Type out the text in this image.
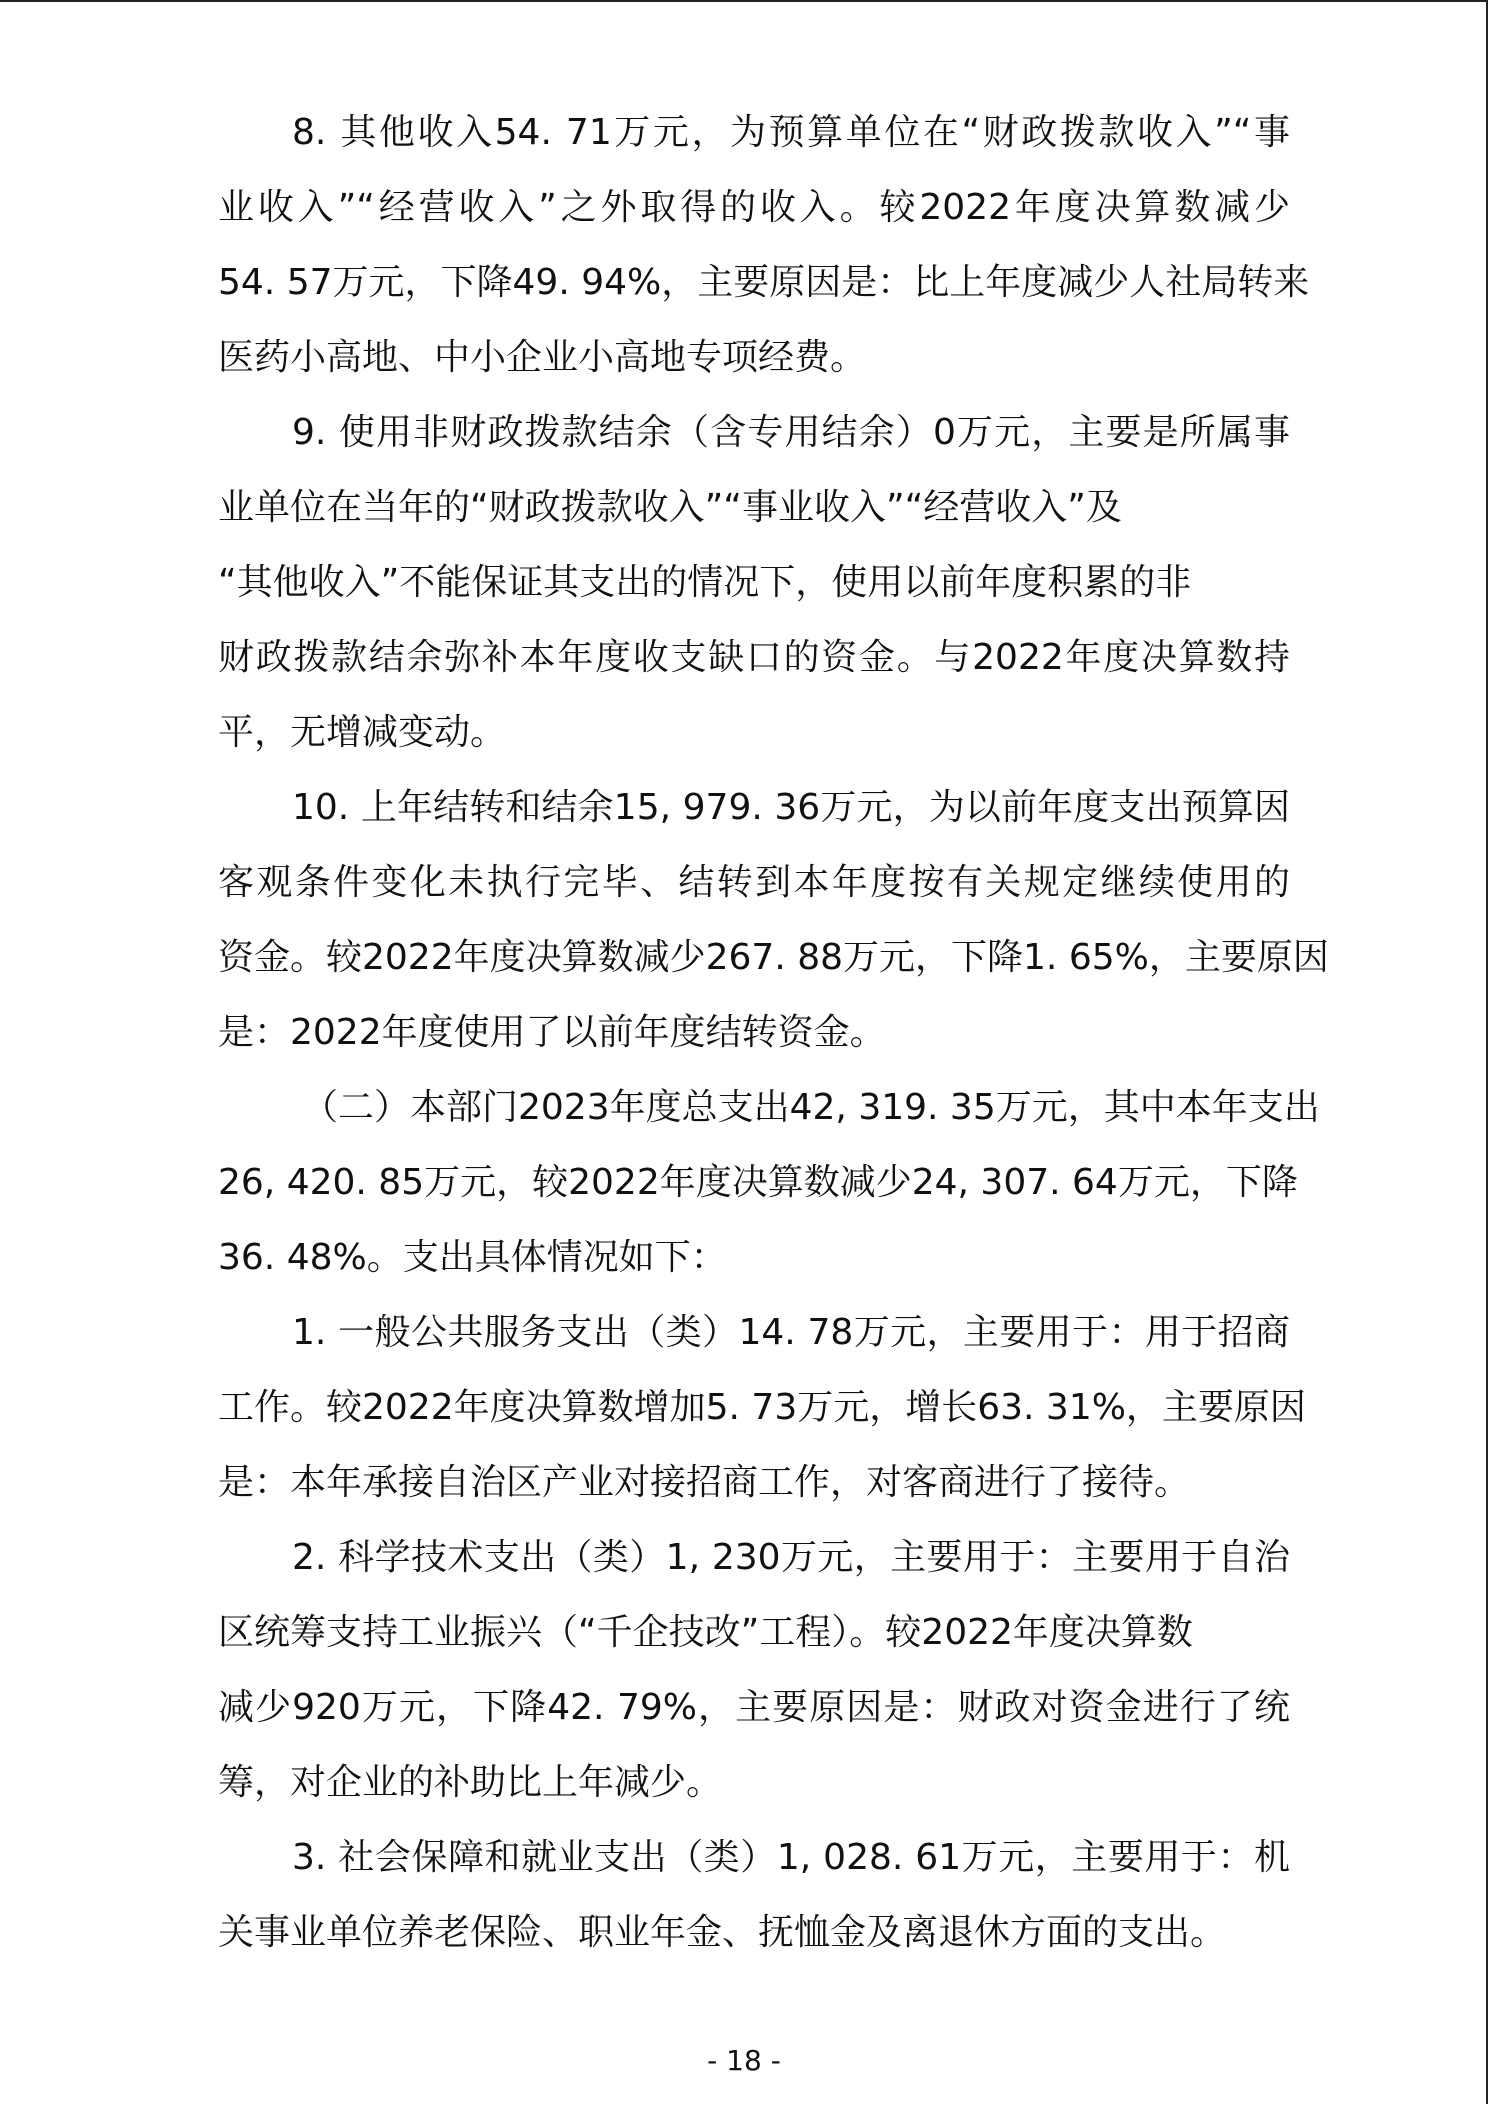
8. 其他收入54. 71万元，为预算单位在“财政拨款收入”“事
业收入”“经营收入”之外取得的收入。较2022年度决算数减少
54. 57万元，下降49. 94%，主要原因是：比上年度减少人社局转来
医药小高地、中小企业小高地专项经费。
9. 使用非财政拨款结余（含专用结余）0万元，主要是所属事
业单位在当年的“财政拨款收入”“事业收入”“经营收入”及
“其他收入”不能保证其支出的情况下，使用以前年度积累的非
财政拨款结余弥补本年度收支缺口的资金。与2022年度决算数持
平，无增减变动。
10. 上年结转和结余15, 979. 36万元，为以前年度支出预算因
客观条件变化未执行完毕、结转到本年度按有关规定继续使用的
资金。较2022年度决算数减少267. 88万元，下降1. 65%，主要原因
是：2022年度使用了以前年度结转资金。
（二）本部门2023年度总支出42, 319. 35万元，其中本年支出
26, 420. 85万元，较2022年度决算数减少24, 307. 64万元，下降
36. 48%。支出具体情况如下：
1. 一般公共服务支出（类）14. 78万元，主要用于：用于招商
工作。较2022年度决算数增加5. 73万元，增长63. 31%，主要原因
是：本年承接自治区产业对接招商工作，对客商进行了接待。
2. 科学技术支出（类）1, 230万元，主要用于：主要用于自治
区统筹支持工业振兴（“千企技改”工程）。较2022年度决算数
减少920万元，下降42. 79%，主要原因是：财政对资金进行了统
筹，对企业的补助比上年减少。
3. 社会保障和就业支出（类）1, 028. 61万元，主要用于：机
关事业单位养老保险、职业年金、抚恤金及离退休方面的支出。
- 18 -
